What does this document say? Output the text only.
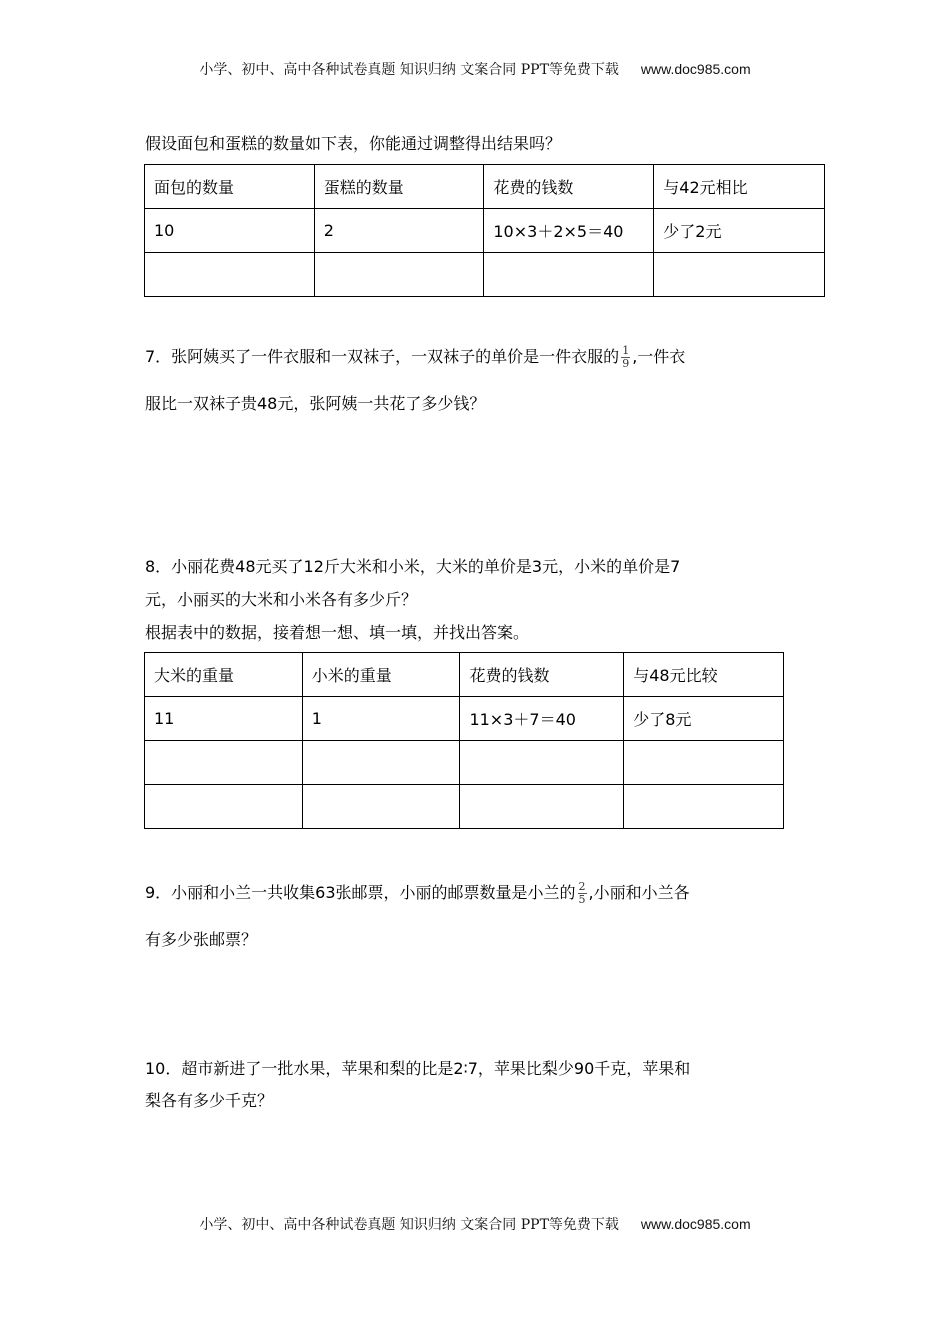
小学、初中、高中各种试卷真题 知识归纳 文案合同 PPT等免费下载 www.doc985.com
假设面包和蛋糕的数量如下表，你能通过调整得出结果吗？
面包的数量	蛋糕的数量	花费的钱数	与42元相比
10	2	10×3＋2×5＝40	少了2元

7．张阿姨买了一件衣服和一双袜子，一双袜子的单价是一件衣服的 $\frac{1}{9}$ ,一件衣
服比一双袜子贵48元，张阿姨一共花了多少钱？
8．小丽花费48元买了12斤大米和小米，大米的单价是3元，小米的单价是7
元，小丽买的大米和小米各有多少斤？
根据表中的数据，接着想一想、填一填，并找出答案。
大米的重量	小米的重量	花费的钱数	与48元比较
11	1	11×3＋7＝40	少了8元

9．小丽和小兰一共收集63张邮票，小丽的邮票数量是小兰的 $\frac{2}{5}$ ,小丽和小兰各
有多少张邮票？
10．超市新进了一批水果，苹果和梨的比是2∶7，苹果比梨少90千克，苹果和
梨各有多少千克？
小学、初中、高中各种试卷真题 知识归纳 文案合同 PPT等免费下载 www.doc985.com
